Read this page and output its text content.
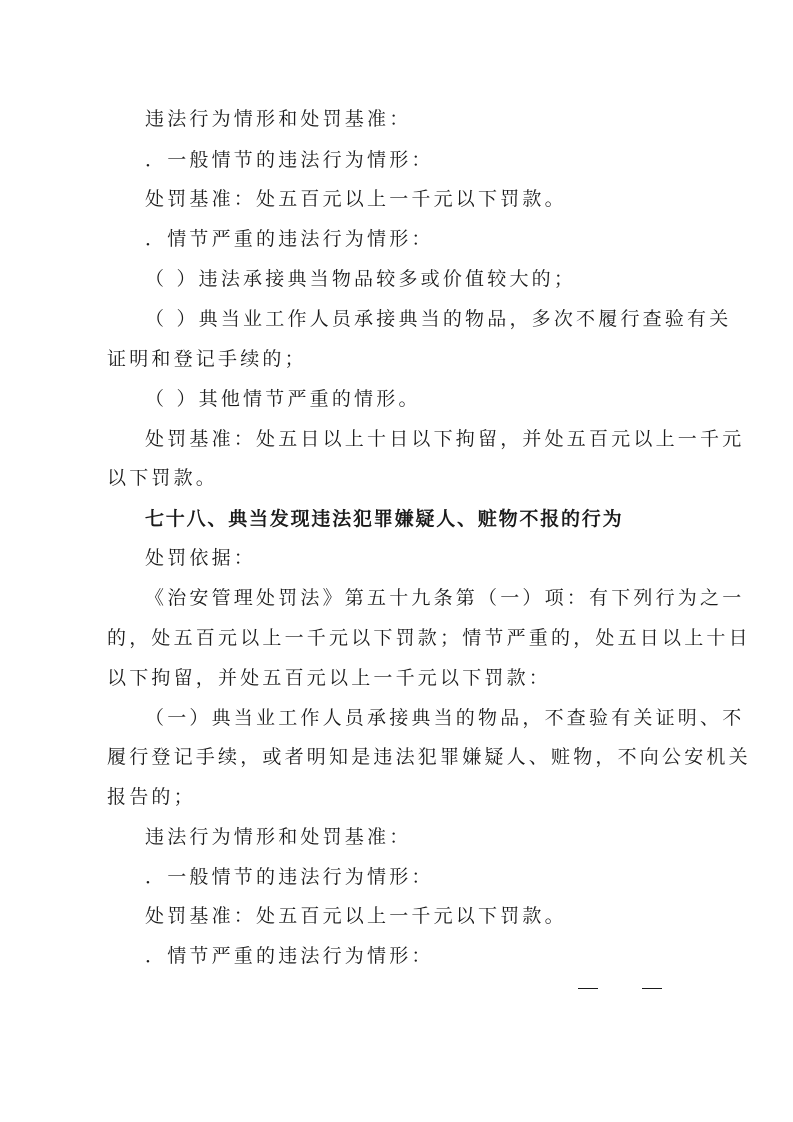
违法行为情形和处罚基准：
．一般情节的违法行为情形：
处罚基准：处五百元以上一千元以下罚款。
．情节严重的违法行为情形：
（ ）违法承接典当物品较多或价值较大的；
（ ）典当业工作人员承接典当的物品，多次不履行查验有关
证明和登记手续的；
（ ）其他情节严重的情形。
处罚基准：处五日以上十日以下拘留，并处五百元以上一千元
以下罚款。
七十八、典当发现违法犯罪嫌疑人、赃物不报的行为
处罚依据：
《治安管理处罚法》第五十九条第（一）项：有下列行为之一
的，处五百元以上一千元以下罚款；情节严重的，处五日以上十日
以下拘留，并处五百元以上一千元以下罚款：
（一）典当业工作人员承接典当的物品，不查验有关证明、不
履行登记手续，或者明知是违法犯罪嫌疑人、赃物，不向公安机关
报告的；
违法行为情形和处罚基准：
．一般情节的违法行为情形：
处罚基准：处五百元以上一千元以下罚款。
．情节严重的违法行为情形：
